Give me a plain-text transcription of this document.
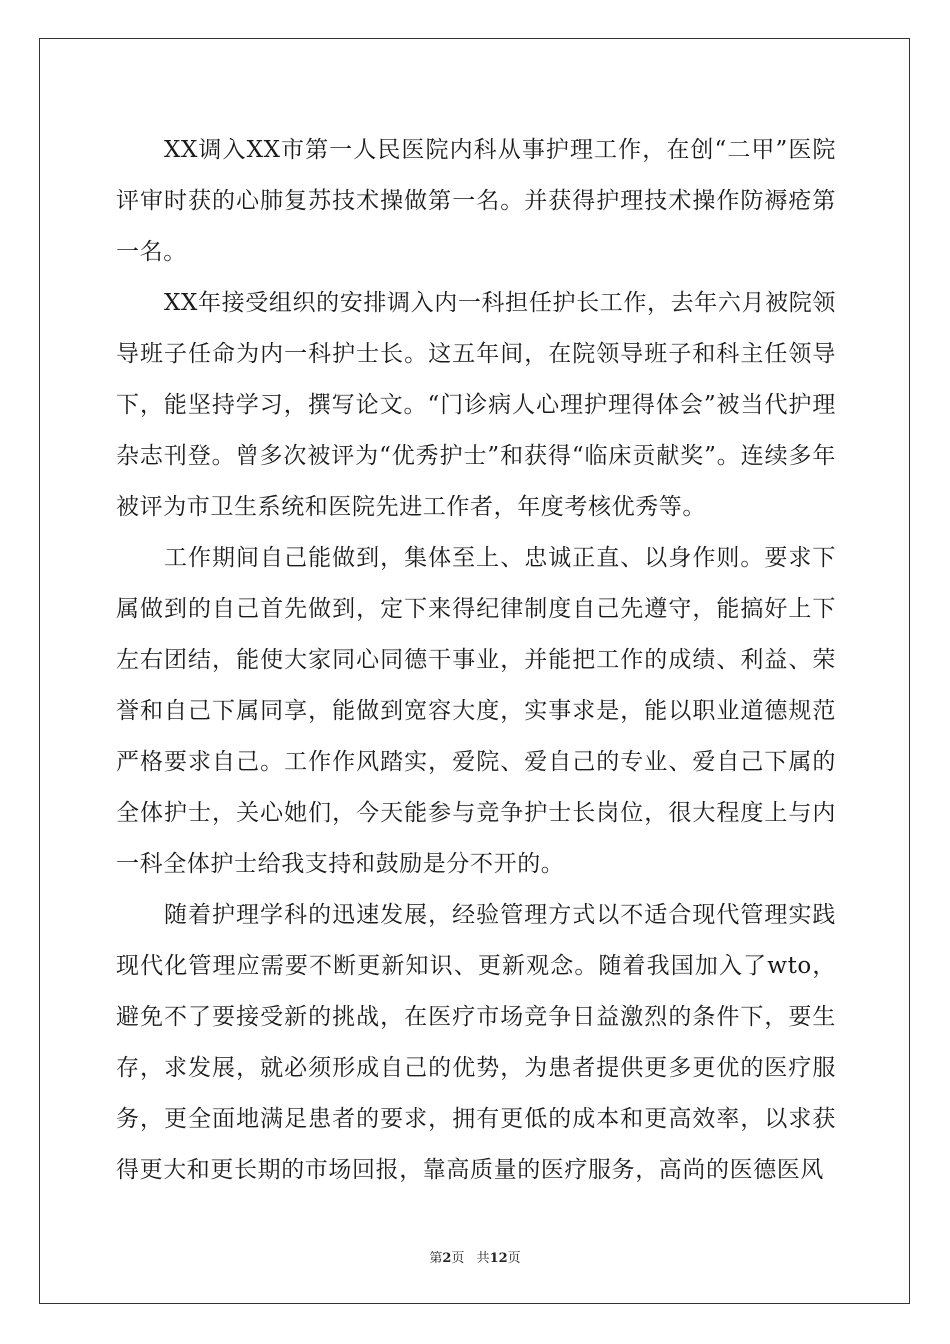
XX调入XX市第一人民医院内科从事护理工作，在创“二甲”医院评审时获的心肺复苏技术操做第一名。并获得护理技术操作防褥疮第一名。

XX年接受组织的安排调入内一科担任护长工作，去年六月被院领导班子任命为内一科护士长。这五年间，在院领导班子和科主任领导下，能坚持学习，撰写论文。“门诊病人心理护理得体会”被当代护理杂志刊登。曾多次被评为“优秀护士”和获得“临床贡献奖”。连续多年被评为市卫生系统和医院先进工作者，年度考核优秀等。

工作期间自己能做到，集体至上、忠诚正直、以身作则。要求下属做到的自己首先做到，定下来得纪律制度自己先遵守，能搞好上下左右团结，能使大家同心同德干事业，并能把工作的成绩、利益、荣誉和自己下属同享，能做到宽容大度，实事求是，能以职业道德规范严格要求自己。工作作风踏实，爱院、爱自己的专业、爱自己下属的全体护士，关心她们，今天能参与竞争护士长岗位，很大程度上与内一科全体护士给我支持和鼓励是分不开的。

随着护理学科的迅速发展，经验管理方式以不适合现代管理实践现代化管理应需要不断更新知识、更新观念。随着我国加入了wto，避免不了要接受新的挑战，在医疗市场竞争日益激烈的条件下，要生存，求发展，就必须形成自己的优势，为患者提供更多更优的医疗服务，更全面地满足患者的要求，拥有更低的成本和更高效率，以求获得更大和更长期的市场回报，靠高质量的医疗服务，高尚的医德医风

第2页 共12页
